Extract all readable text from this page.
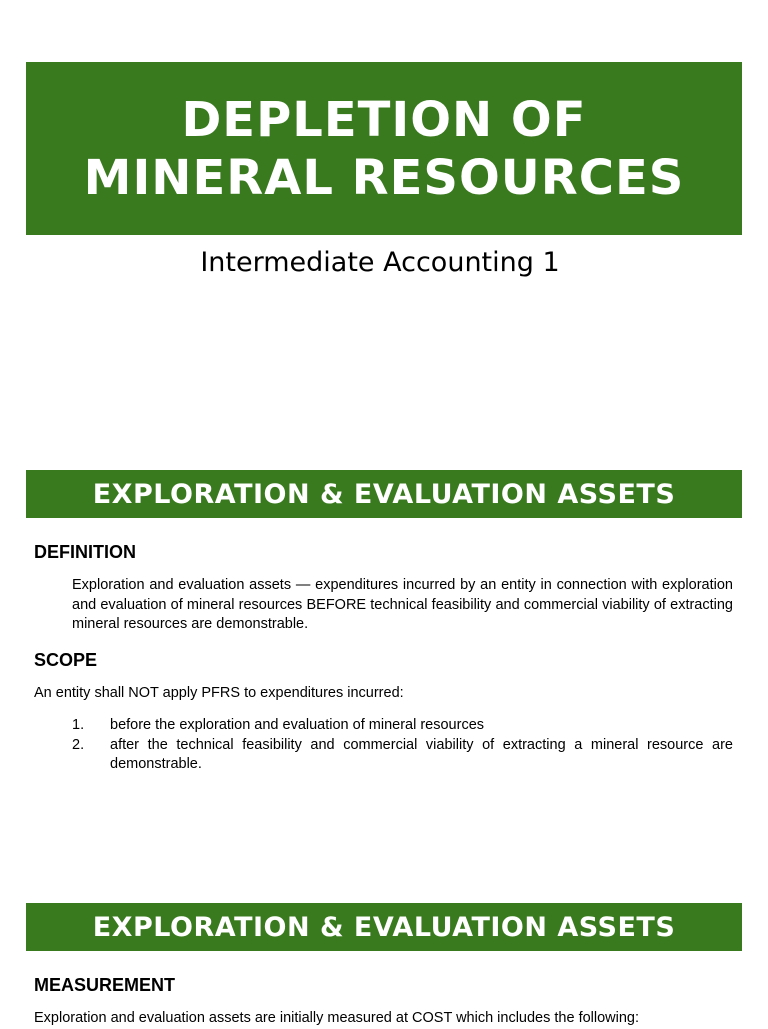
DEPLETION OF
MINERAL RESOURCES

Intermediate Accounting 1

EXPLORATION & EVALUATION ASSETS
DEFINITION

Exploration and evaluation assets — expenditures incurred by an entity in connection with exploration and evaluation of mineral resources BEFORE technical feasibility and commercial viability of extracting mineral resources are demonstrable.

SCOPE

An entity shall NOT apply PFRS to expenditures incurred:

1.	before the exploration and evaluation of mineral resources
2.	after the technical feasibility and commercial viability of extracting a mineral resource are demonstrable.
EXPLORATION & EVALUATION ASSETS
MEASUREMENT

Exploration and evaluation assets are initially measured at COST which includes the following:
